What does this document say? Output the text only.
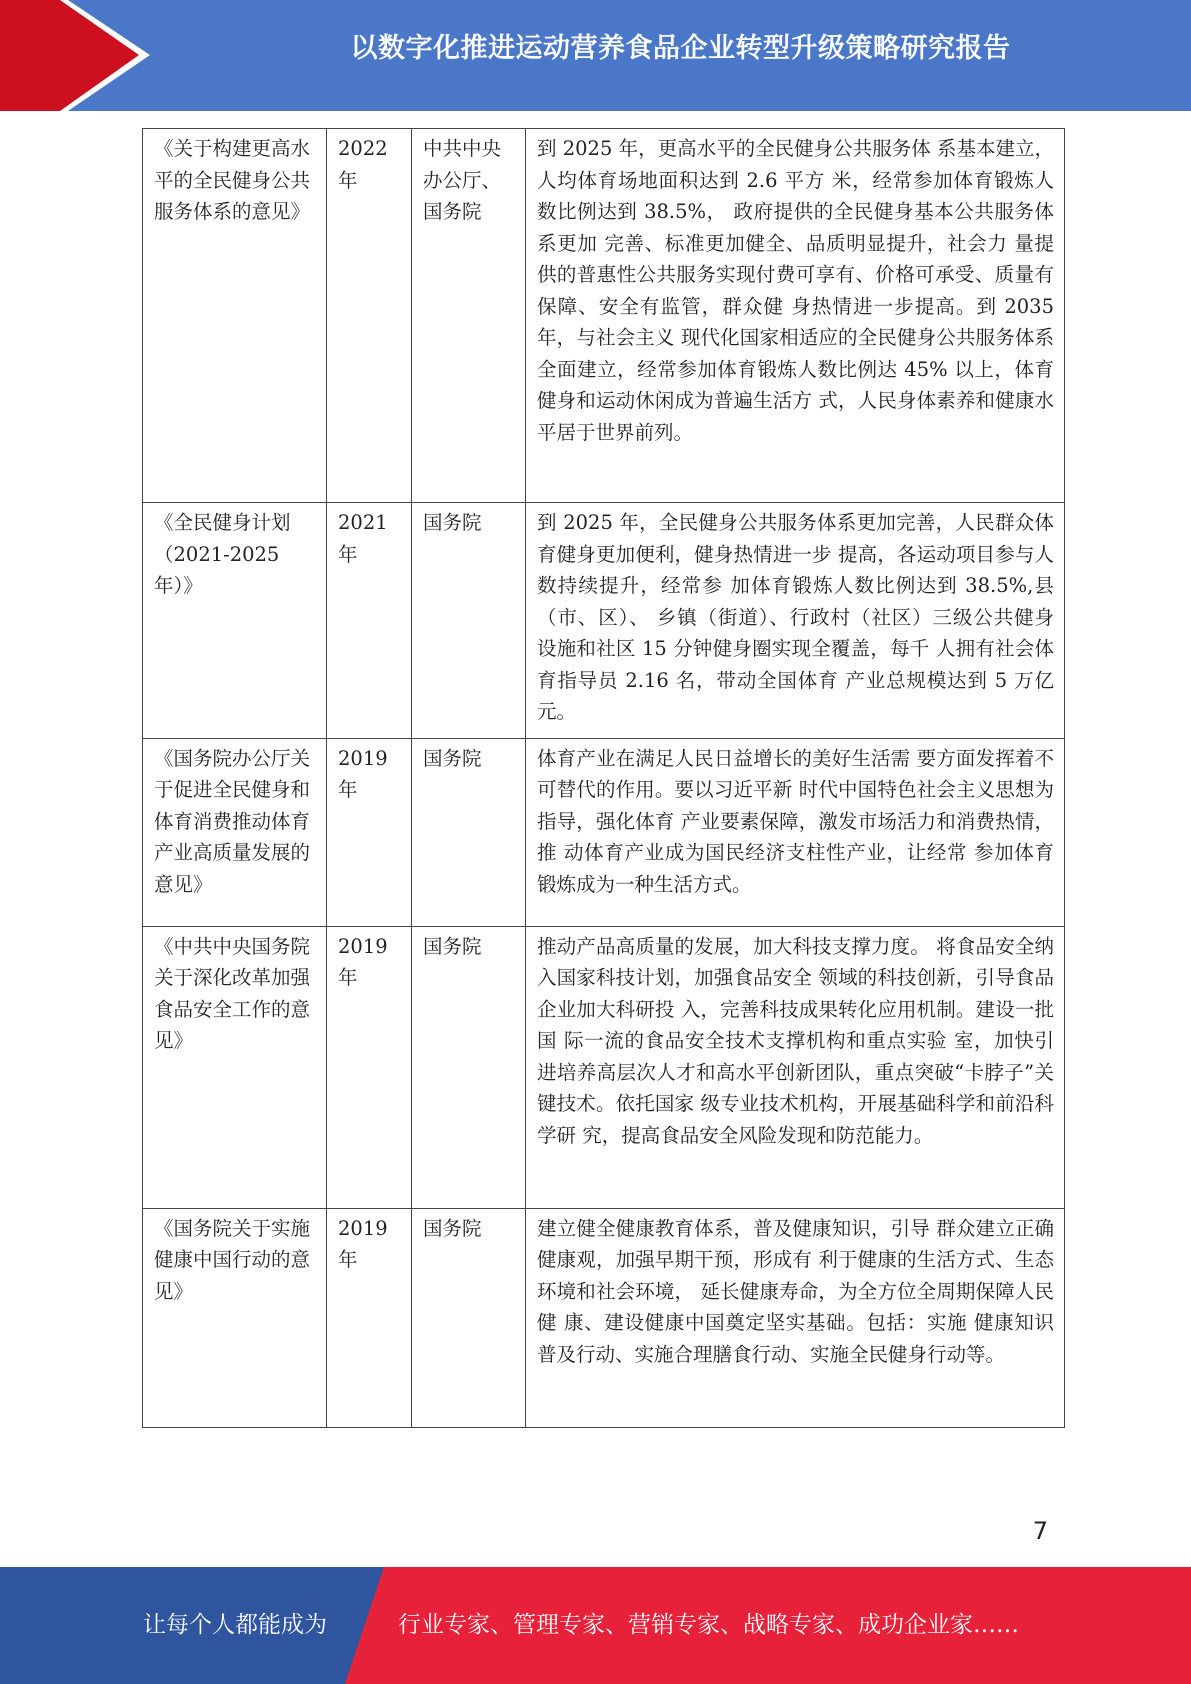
以数字化推进运动营养食品企业转型升级策略研究报告
《关于构建更高水平的全民健身公共服务体系的意见》	2022 年	中共中央办公厅、国务院	到 2025 年，更高水平的全民健身公共服务体 系基本建立，人均体育场地面积达到 2.6 平方 米，经常参加体育锻炼人数比例达到 38.5%， 政府提供的全民健身基本公共服务体系更加 完善、标准更加健全、品质明显提升，社会力 量提供的普惠性公共服务实现付费可享有、价格可承受、质量有保障、安全有监管，群众健 身热情进一步提高。到 2035 年，与社会主义 现代化国家相适应的全民健身公共服务体系 全面建立，经常参加体育锻炼人数比例达 45% 以上，体育健身和运动休闲成为普遍生活方 式，人民身体素养和健康水平居于世界前列。
《全民健身计划（2021-2025 年）》	2021 年	国务院	到 2025 年，全民健身公共服务体系更加完善，人民群众体育健身更加便利，健身热情进一步 提高，各运动项目参与人数持续提升，经常参 加体育锻炼人数比例达到 38.5%,县（市、区）、 乡镇（街道）、行政村（社区）三级公共健身 设施和社区 15 分钟健身圈实现全覆盖，每千 人拥有社会体育指导员 2.16 名，带动全国体育 产业总规模达到 5 万亿元。
《国务院办公厅关于促进全民健身和体育消费推动体育产业高质量发展的意见》	2019 年	国务院	体育产业在满足人民日益增长的美好生活需 要方面发挥着不可替代的作用。要以习近平新 时代中国特色社会主义思想为指导，强化体育 产业要素保障，激发市场活力和消费热情，推 动体育产业成为国民经济支柱性产业，让经常 参加体育锻炼成为一种生活方式。
《中共中央国务院关于深化改革加强食品安全工作的意见》	2019 年	国务院	推动产品高质量的发展，加大科技支撑力度。 将食品安全纳入国家科技计划，加强食品安全 领域的科技创新，引导食品企业加大科研投 入，完善科技成果转化应用机制。建设一批国 际一流的食品安全技术支撑机构和重点实验 室，加快引进培养高层次人才和高水平创新团队，重点突破“卡脖子”关键技术。依托国家 级专业技术机构，开展基础科学和前沿科学研 究，提高食品安全风险发现和防范能力。
《国务院关于实施健康中国行动的意见》	2019 年	国务院	建立健全健康教育体系，普及健康知识，引导 群众建立正确健康观，加强早期干预，形成有 利于健康的生活方式、生态环境和社会环境， 延长健康寿命，为全方位全周期保障人民健 康、建设健康中国奠定坚实基础。包括：实施 健康知识普及行动、实施合理膳食行动、实施全民健身行动等。
7
让每个人都能成为	行业专家、管理专家、营销专家、战略专家、成功企业家……
